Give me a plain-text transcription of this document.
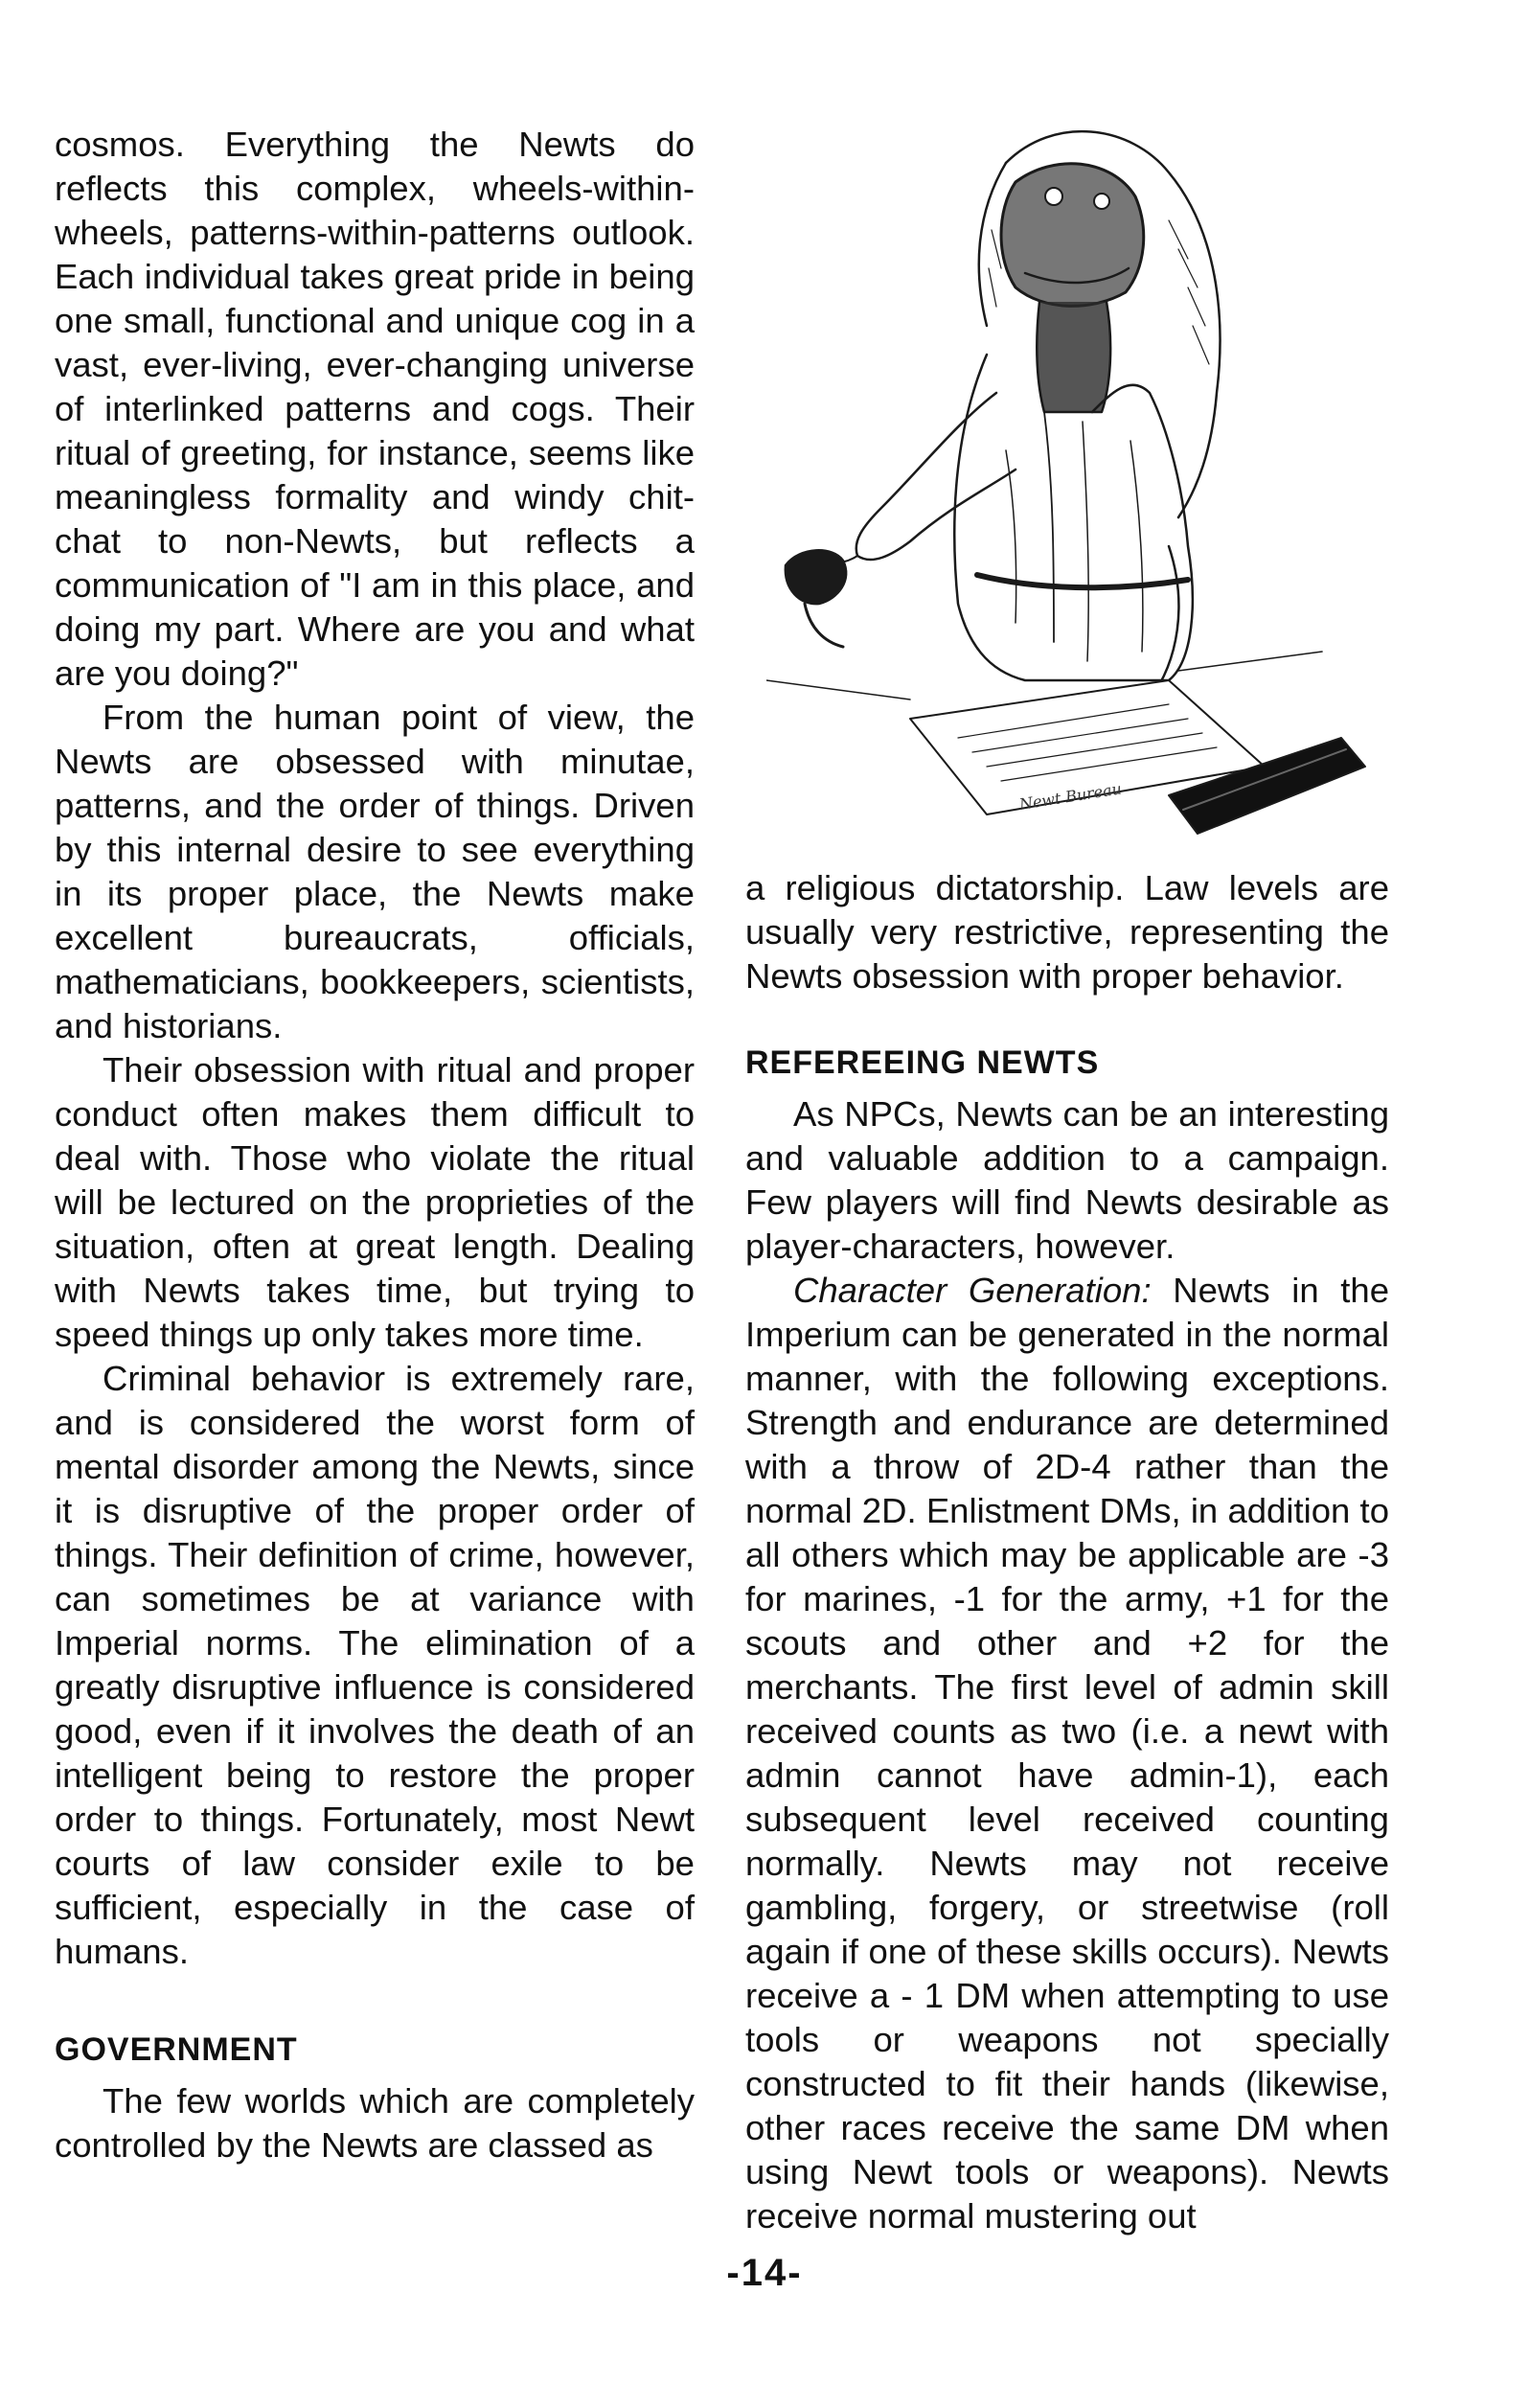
cosmos. Everything the Newts do reflects this complex, wheels-within-wheels, patterns-within-patterns outlook. Each individual takes great pride in being one small, functional and unique cog in a vast, ever-living, ever-changing universe of interlinked patterns and cogs. Their ritual of greeting, for instance, seems like meaningless formality and windy chit-chat to non-Newts, but reflects a communication of "I am in this place, and doing my part. Where are you and what are you doing?"

From the human point of view, the Newts are obsessed with minutae, patterns, and the order of things. Driven by this internal desire to see everything in its proper place, the Newts make excellent bureaucrats, officials, mathematicians, bookkeepers, scientists, and historians.

Their obsession with ritual and proper conduct often makes them difficult to deal with. Those who violate the ritual will be lectured on the proprieties of the situation, often at great length. Dealing with Newts takes time, but trying to speed things up only takes more time.

Criminal behavior is extremely rare, and is considered the worst form of mental disorder among the Newts, since it is disruptive of the proper order of things. Their definition of crime, however, can sometimes be at variance with Imperial norms. The elimination of a greatly disruptive influence is considered good, even if it involves the death of an intelligent being to restore the proper order to things. Fortunately, most Newt courts of law consider exile to be sufficient, especially in the case of humans.

GOVERNMENT

The few worlds which are completely controlled by the Newts are classed as

Newt Bureau

a religious dictatorship. Law levels are usually very restrictive, representing the Newts obsession with proper behavior.

REFEREEING NEWTS

As NPCs, Newts can be an interesting and valuable addition to a campaign. Few players will find Newts desirable as player-characters, however.

Character Generation: Newts in the Imperium can be generated in the normal manner, with the following exceptions. Strength and endurance are determined with a throw of 2D-4 rather than the normal 2D. Enlistment DMs, in addition to all others which may be applicable are -3 for marines, -1 for the army, +1 for the scouts and other and +2 for the merchants. The first level of admin skill received counts as two (i.e. a newt with admin cannot have admin-1), each subsequent level received counting normally. Newts may not receive gambling, forgery, or streetwise (roll again if one of these skills occurs). Newts receive a - 1 DM when attempting to use tools or weapons not specially constructed to fit their hands (likewise, other races receive the same DM when using Newt tools or weapons). Newts receive normal mustering out

-14-
